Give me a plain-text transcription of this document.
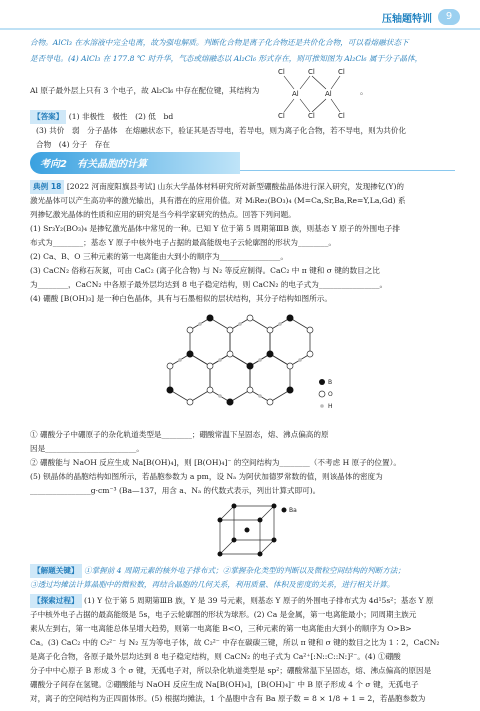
压轴题特训	9

合物。AlCl₃ 在水溶液中完全电离，故为强电解质。判断化合物是离子化合物还是共价化合物，可以看熔融状态下

是否导电。(4) AlCl₃ 在 177.8 ℃ 时升华，气态或熔融态以 Al₂Cl₆ 形式存在，则可推知图为 Al₂Cl₆ 属于分子晶体，

Al 原子最外层上只有 3 个电子，故 Al₂Cl₆ 中存在配位键，其结构为

Cl	Cl	Cl
Al	Al
Cl	Cl	Cl
。

【答案】 (1) 非极性　极性　(2) 低　bd

(3) 共价　弱　分子晶体　在熔融状态下，验证其是否导电，若导电，则为离子化合物，若不导电，则为共价化

合物　(4) 分子　存在

考向2　有关晶胞的计算

典例 18 [2022 河南度阳旗县考试] 山东大学晶体材料研究所对新型硼酸盐晶体进行深入研究，发现掺钇(Y)的

激光晶体可以产生高功率的激光输出，具有潜在的应用价值。对 MᵢRe₂(BO₃)₄ (M=Ca,Sr,Ba,Re=Y,La,Gd) 系

列掺钇激光晶体的性质和应用的研究是当今科学家研究的热点。回答下列问题。

(1) Sr₃Y₂(BO₃)₄ 是掺钇激光晶体中常见的一种。已知 Y 位于第 5 周期第ⅢB 族，则基态 Y 原子的外围电子排

布式为________；基态 Y 原子中核外电子占据的最高能级电子云轮廓图的形状为________。

(2) Ca、B、O 三种元素的第一电离能由大到小的顺序为________________。

(3) CaCN₂ 俗称石灰氮，可由 CaC₂ (离子化合物) 与 N₂ 等反应制得。CaC₂ 中 π 键和 σ 键的数目之比

为________，CaCN₂ 中各原子最外层均达到 8 电子稳定结构，则 CaCN₂ 的电子式为________________。

(4) 硼酸 [B(OH)₃] 是一种白色晶体，具有与石墨相似的层状结构，其分子结构如图所示。

B
O
H

① 硼酸分子中硼原子的杂化轨道类型是________；硼酸常温下呈固态，熔、沸点偏高的原

因是________________________。

② 硼酸能与 NaOH 反应生成 Na[B(OH)₄]，则 [B(OH)₄]⁻ 的空间结构为________（不考虑 H 原子的位置）。

(5) 钡晶体的晶胞结构如图所示，若晶胞参数为 a pm，设 Nₐ 为阿伏加德罗常数的值，则该晶体的密度为

________________g·cm⁻³ (Ba—137，用含 a、Nₐ 的代数式表示，列出计算式即可)。

Ba

【解题关键】 ①掌握前 4 周期元素的核外电子排布式；②掌握杂化类型的判断以及微粒空间结构的判断方法；

③透过均摊法计算晶胞中的微粒数，再结合晶胞的几何关系，利用质量、体积及密度的关系，进行相关计算。

【探索过程】 (1) Y 位于第 5 周期第ⅢB 族，Y 是 39 号元素，则基态 Y 原子的外围电子排布式为 4d¹5s²；基态 Y 原

子中核外电子占据的最高能级是 5s，电子云轮廓图的形状为球形。(2) Ca 是金属，第一电离能最小；同周期主族元

素从左到右，第一电离能总体呈增大趋势，则第一电离能 B<O，三种元素的第一电离能由大到小的顺序为 O>B>

Ca。(3) CaC₂ 中的 C₂²⁻ 与 N₂ 互为等电子体，故 C₂²⁻ 中存在碳碳三键，所以 π 键和 σ 键的数目之比为 1∶2，CaCN₂

是离子化合物，各原子最外层均达到 8 电子稳定结构，则 CaCN₂ 的电子式为 Ca²⁺[:N::C::N:]²⁻。(4) ①硼酸

分子中中心原子 B 形成 3 个 σ 键，无孤电子对，所以杂化轨道类型是 sp²；硼酸常温下呈固态，熔、沸点偏高的原因是

硼酸分子间存在氢键。②硼酸能与 NaOH 反应生成 Na[B(OH)₄]，[B(OH)₄]⁻ 中 B 原子形成 4 个 σ 键，无孤电子

对，离子的空间结构为正四面体形。(5) 根据均摊法，1 个晶胞中含有 Ba 原子数 = 8 × 1/8 + 1 = 2，若晶胞参数为
